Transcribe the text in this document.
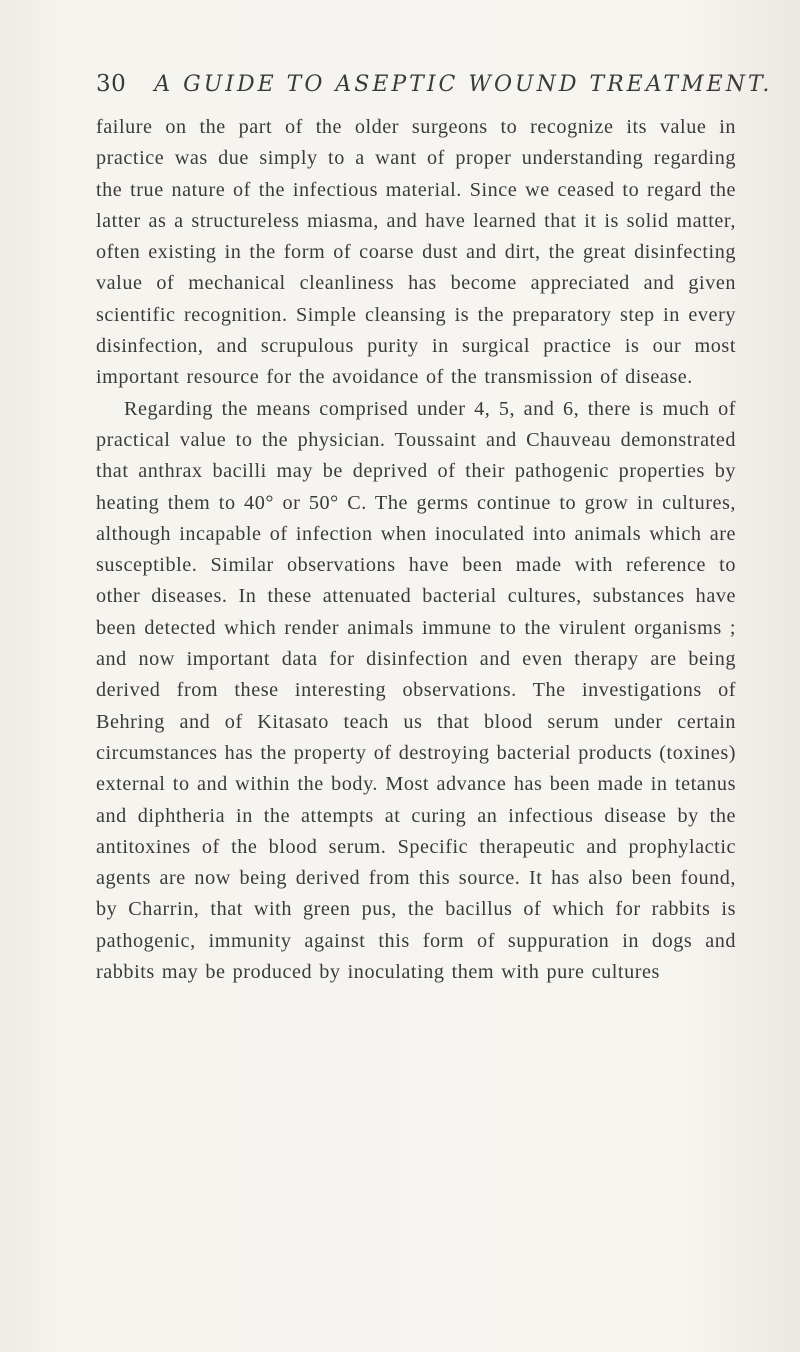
30 A GUIDE TO ASEPTIC WOUND TREATMENT.

failure on the part of the older surgeons to recognize its value in practice was due simply to a want of proper understanding regarding the true nature of the infectious material. Since we ceased to regard the latter as a structureless miasma, and have learned that it is solid matter, often existing in the form of coarse dust and dirt, the great disinfecting value of mechanical cleanliness has become appreciated and given scientific recognition. Simple cleansing is the preparatory step in every disinfection, and scrupulous purity in surgical practice is our most important resource for the avoidance of the transmission of disease.

Regarding the means comprised under 4, 5, and 6, there is much of practical value to the physician. Toussaint and Chauveau demonstrated that anthrax bacilli may be deprived of their pathogenic properties by heating them to 40° or 50° C. The germs continue to grow in cultures, although incapable of infection when inoculated into animals which are susceptible. Similar observations have been made with reference to other diseases. In these attenuated bacterial cultures, substances have been detected which render animals immune to the virulent organisms ; and now important data for disinfection and even therapy are being derived from these interesting observations. The investigations of Behring and of Kitasato teach us that blood serum under certain circumstances has the property of destroying bacterial products (toxines) external to and within the body. Most advance has been made in tetanus and diphtheria in the attempts at curing an infectious disease by the antitoxines of the blood serum. Specific therapeutic and prophylactic agents are now being derived from this source. It has also been found, by Charrin, that with green pus, the bacillus of which for rabbits is pathogenic, immunity against this form of suppuration in dogs and rabbits may be produced by inoculating them with pure cultures
